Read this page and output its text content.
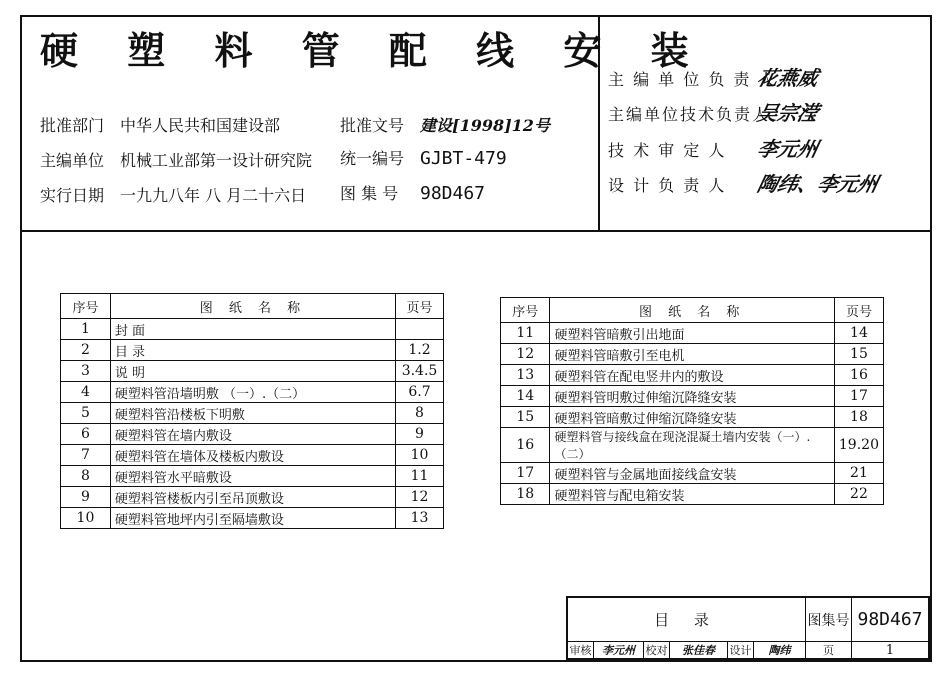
硬 塑 料 管 配 线 安 装
批准部门 中华人民共和国建设部
主编单位 机械工业部第一设计研究院
实行日期 一九九八年 八 月二十六日
批准文号 建设[1998]12号
统一编号 GJBT-479
图 集 号 98D467
主 编 单 位 负 责 人花燕威
主编单位技术负责人吴宗滢
技 术 审 定 人 李元州
设 计 负 责 人 陶纬、李元州
序号	图 纸 名 称	页号
1	封 面	
2	目 录	1.2
3	说 明	3.4.5
4	硬塑料管沿墙明敷 （一）.（二）	6.7
5	硬塑料管沿楼板下明敷	8
6	硬塑料管在墙内敷设	9
7	硬塑料管在墙体及楼板内敷设	10
8	硬塑料管水平暗敷设	11
9	硬塑料管楼板内引至吊顶敷设	12
10	硬塑料管地坪内引至隔墙敷设	13
序号	图 纸 名 称	页号
11	硬塑料管暗敷引出地面	14
12	硬塑料管暗敷引至电机	15
13	硬塑料管在配电竖井内的敷设	16
14	硬塑料管明敷过伸缩沉降缝安装	17
15	硬塑料管暗敷过伸缩沉降缝安装	18
16	硬塑料管与接线盒在现浇混凝土墙内安装（一）.（二）	19.20
17	硬塑料管与金属地面接线盒安装	21
18	硬塑料管与配电箱安装	22
目 录	图集号 98D467
审核 李元州 校对	张佳春	设计	陶纬	页	1
